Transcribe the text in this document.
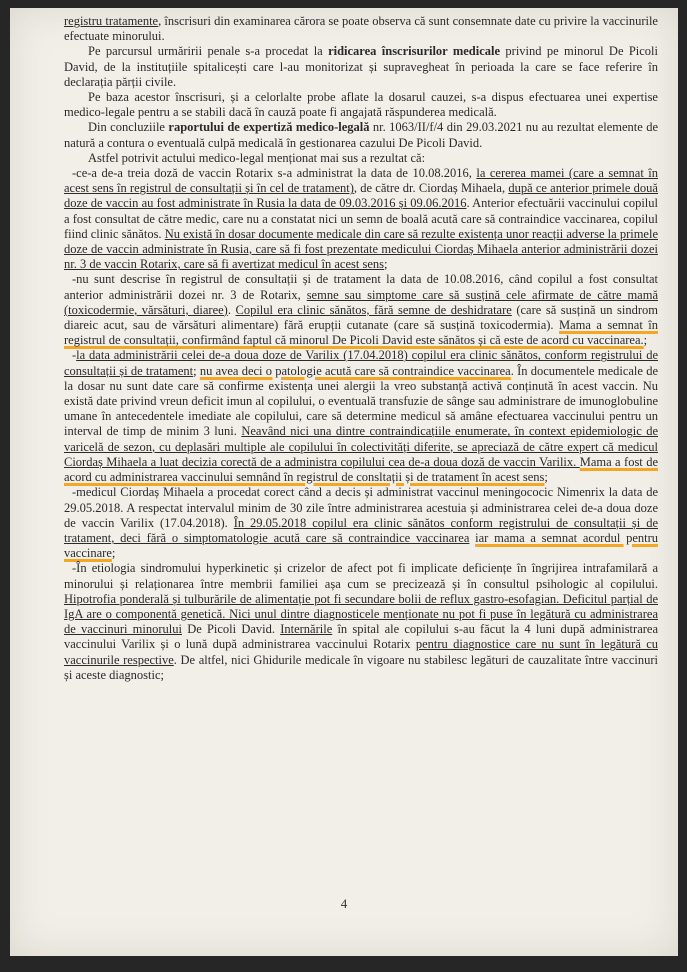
registru tratamente, înscrisuri din examinarea cărora se poate observa că sunt consemnate date cu privire la vaccinurile efectuate minorului.

Pe parcursul urmăririi penale s-a procedat la ridicarea înscrisurilor medicale privind pe minorul De Picoli David, de la instituțiile spitalicești care l-au monitorizat și supravegheat în perioada la care se face referire în declarația părții civile.

Pe baza acestor înscrisuri, și a celorlalte probe aflate la dosarul cauzei, s-a dispus efectuarea unei expertise medico-legale pentru a se stabili dacă în cauză poate fi angajată răspunderea medicală.

Din concluziile raportului de expertiză medico-legală nr. 1063/II/f/4 din 29.03.2021 nu au rezultat elemente de natură a contura o eventuală culpă medicală în gestionarea cazului De Picoli David.

Astfel potrivit actului medico-legal menționat mai sus a rezultat că:

-ce-a de-a treia doză de vaccin Rotarix s-a administrat la data de 10.08.2016, la cererea mamei (care a semnat în acest sens în registrul de consultații și în cel de tratament), de către dr. Ciordaș Mihaela, după ce anterior primele două doze de vaccin au fost administrate în Rusia la data de 09.03.2016 și 09.06.2016. Anterior efectuării vaccinului copilul a fost consultat de către medic, care nu a constatat nici un semn de boală acută care să contraindice vaccinarea, copilul fiind clinic sănătos. Nu există în dosar documente medicale din care să rezulte existența unor reacții adverse la primele doze de vaccin administrate în Rusia, care să fi fost prezentate medicului Ciordaș Mihaela anterior administrării dozei nr. 3 de vaccin Rotarix, care să fi avertizat medicul în acest sens;

-nu sunt descrise în registrul de consultații și de tratament la data de 10.08.2016, când copilul a fost consultat anterior administrării dozei nr. 3 de Rotarix, semne sau simptome care să susțină cele afirmate de către mamă (toxicodermie, vărsături, diaree). Copilul era clinic sănătos, fără semne de deshidratare (care să susțină un sindrom diareic acut, sau de vărsături alimentare) fără erupții cutanate (care să susțină toxicodermia). Mama a semnat în registrul de consultații, confirmând faptul că minorul De Picoli David este sănătos și că este de acord cu vaccinarea.;

-la data administrării celei de-a doua doze de Varilix (17.04.2018) copilul era clinic sănătos, conform registrului de consultații și de tratament; nu avea deci o patologie acută care să contraindice vaccinarea. În documentele medicale de la dosar nu sunt date care să confirme existența unei alergii la vreo substanță activă conținută în acest vaccin. Nu există date privind vreun deficit imun al copilului, o eventuală transfuzie de sânge sau administrare de imunoglobuline umane în antecedentele imediate ale copilului, care să determine medicul să amâne efectuarea vaccinului pentru un interval de timp de minim 3 luni. Neavând nici una dintre contraindicațiile enumerate, în context epidemiologic de varicelă de sezon, cu deplasări multiple ale copilului în colectivități diferite, se apreciază de către expert că medicul Ciordaș Mihaela a luat decizia corectă de a administra copilului cea de-a doua doză de vaccin Varilix. Mama a fost de acord cu administrarea vaccinului semnând în registrul de consltații și de tratament în acest sens;

-medicul Ciordaș Mihaela a procedat corect când a decis și administrat vaccinul meningococic Nimenrix la data de 29.05.2018. A respectat intervalul minim de 30 zile între administrarea acestuia și administrarea celei de-a doua doze de vaccin Varilix (17.04.2018). În 29.05.2018 copilul era clinic sănătos conform registrului de consultații și de tratament, deci fără o simptomatologie acută care să contraindice vaccinarea iar mama a semnat acordul pentru vaccinare;

-În etiologia sindromului hyperkinetic și crizelor de afect pot fi implicate deficiențe în îngrijirea intrafamilară a minorului și relaționarea între membrii familiei așa cum se precizează și în consultul psihologic al copilului. Hipotrofia ponderală și tulburările de alimentație pot fi secundare bolii de reflux gastro-esofagian. Deficitul parțial de IgA are o componentă genetică. Nici unul dintre diagnosticele menționate nu pot fi puse în legătură cu administrarea de vaccinuri minorului De Picoli David. Internările în spital ale copilului s-au făcut la 4 luni după administrarea vaccinului Varilix și o lună după administrarea vaccinului Rotarix pentru diagnostice care nu sunt în legătură cu vaccinurile respective. De altfel, nici Ghidurile medicale în vigoare nu stabilesc legături de cauzalitate între vaccinuri și aceste diagnostic;

4
